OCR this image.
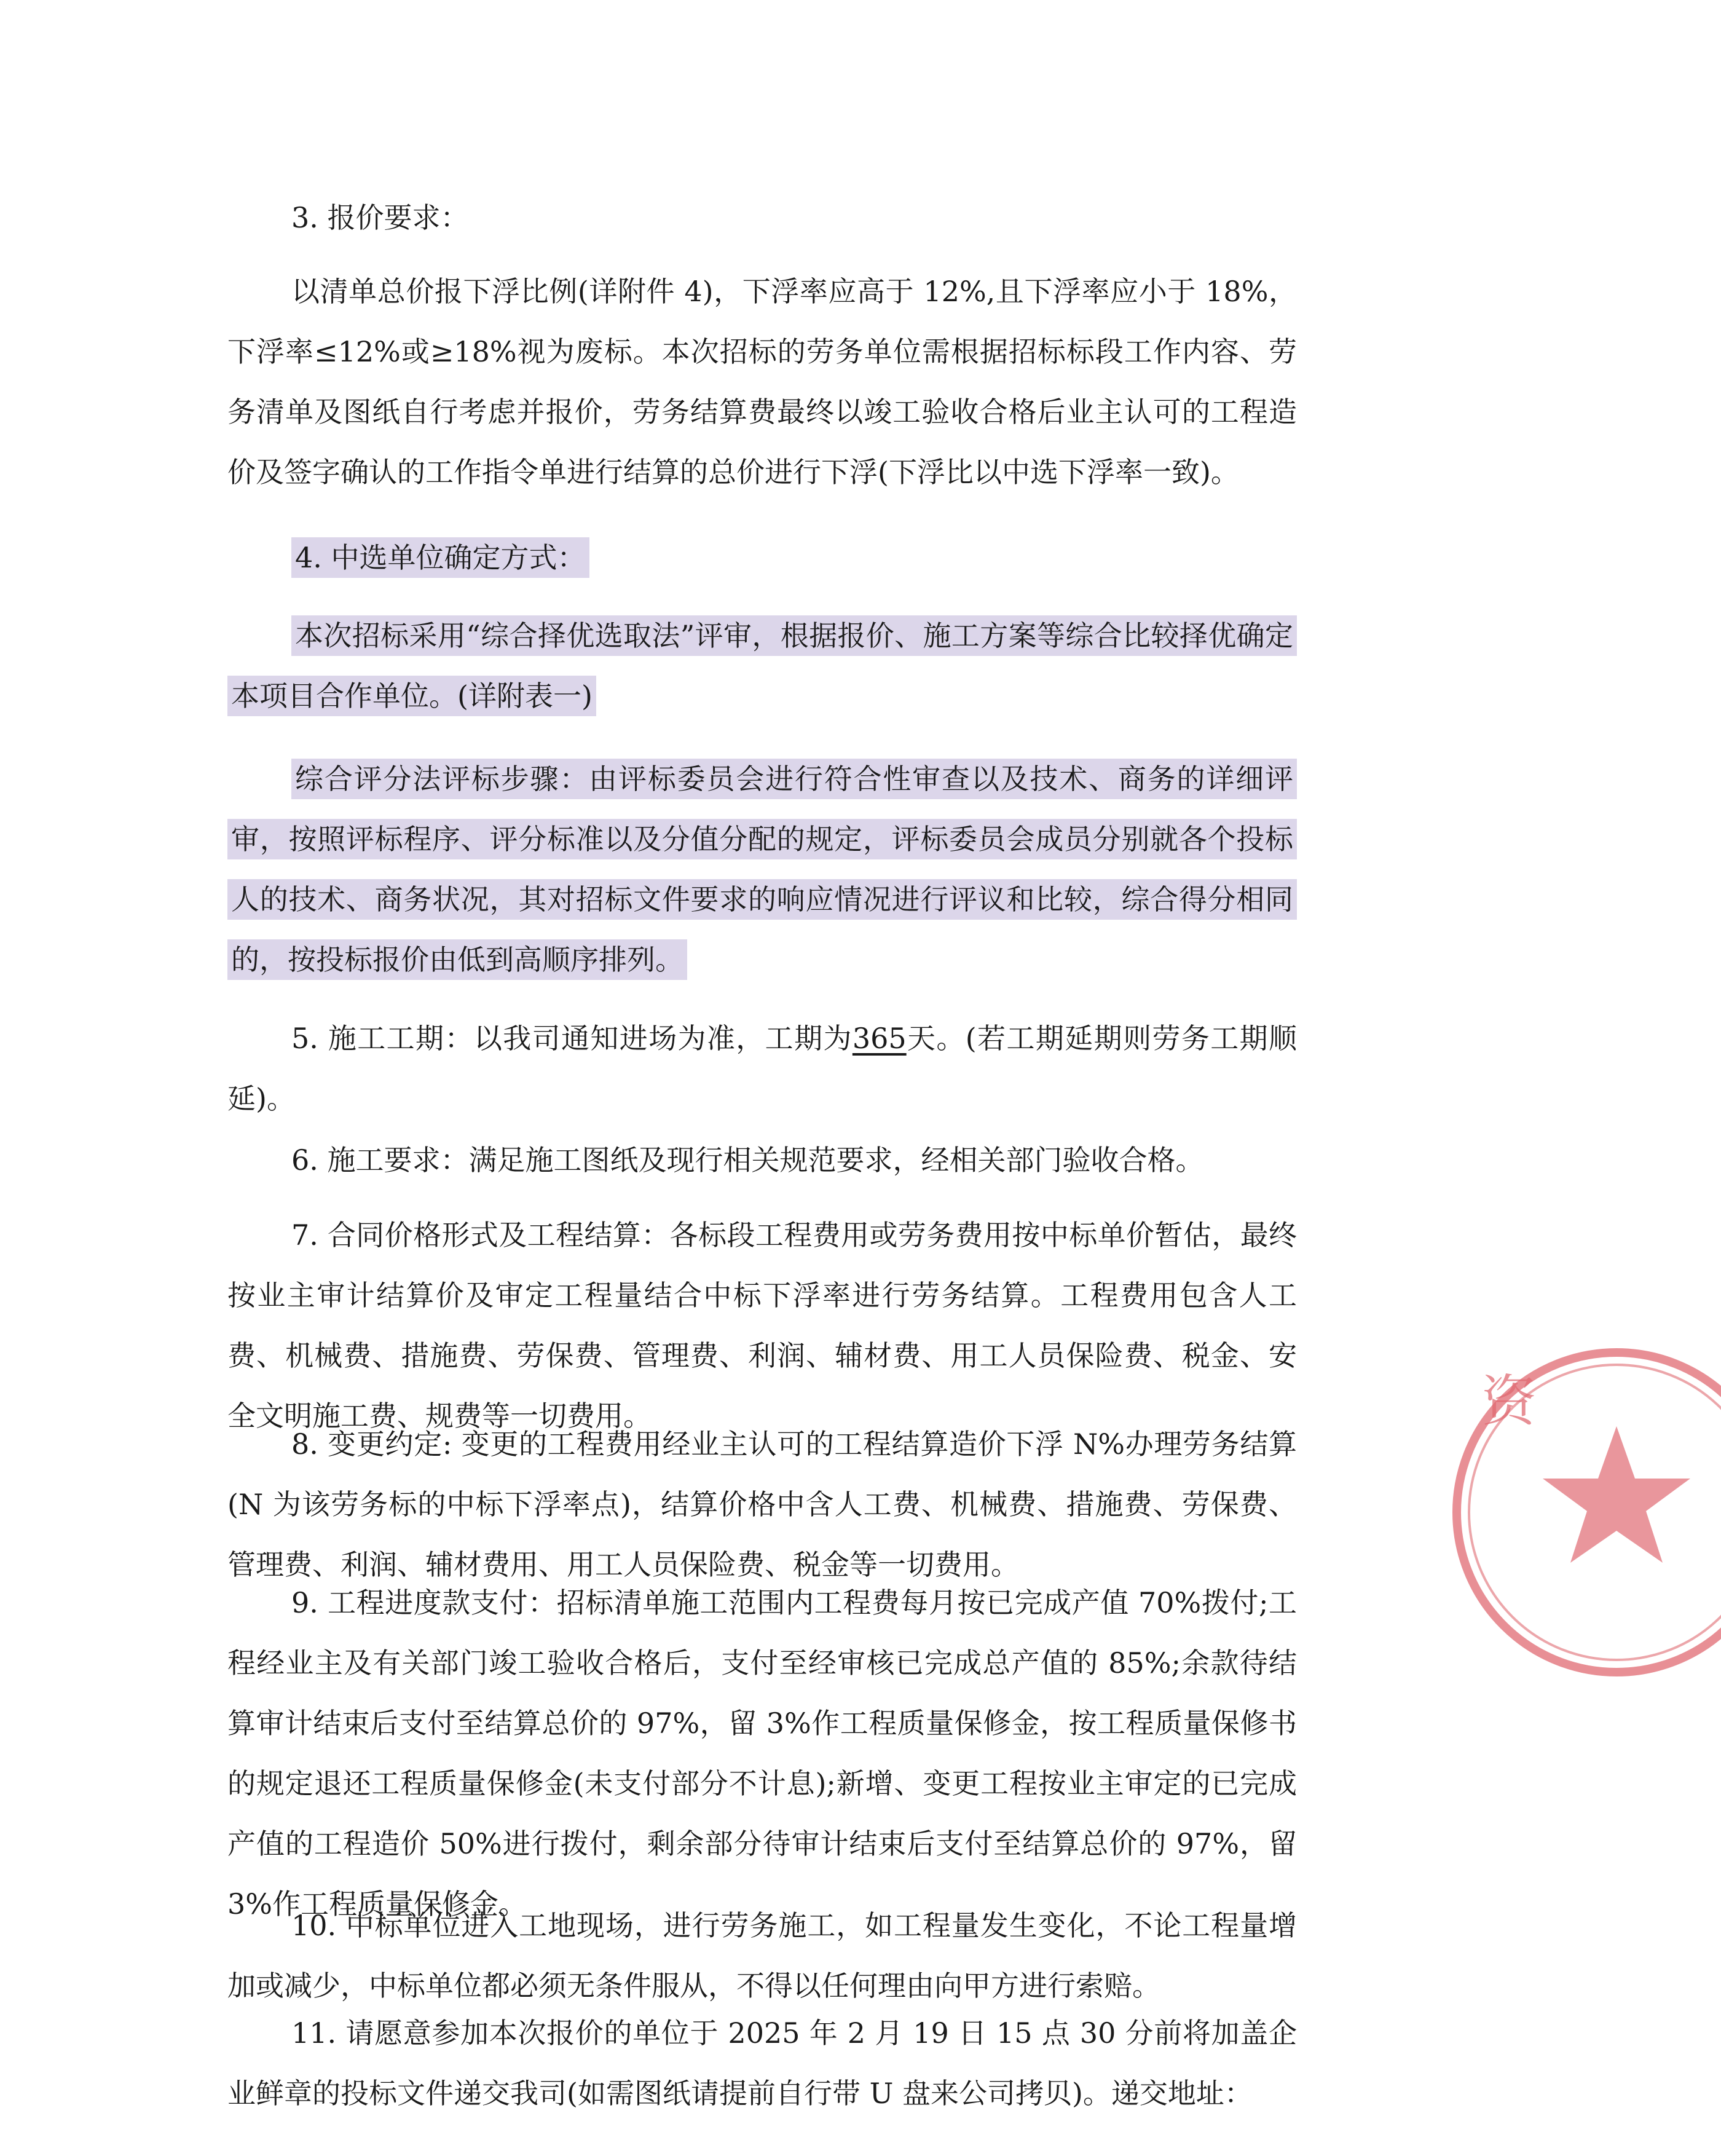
3. 报价要求：

以清单总价报下浮比例(详附件 4)，下浮率应高于 12%,且下浮率应小于 18%，下浮率≤12%或≥18%视为废标。本次招标的劳务单位需根据招标标段工作内容、劳务清单及图纸自行考虑并报价，劳务结算费最终以竣工验收合格后业主认可的工程造价及签字确认的工作指令单进行结算的总价进行下浮(下浮比以中选下浮率一致)。

4. 中选单位确定方式：

本次招标采用“综合择优选取法”评审，根据报价、施工方案等综合比较择优确定本项目合作单位。(详附表一)

综合评分法评标步骤：由评标委员会进行符合性审查以及技术、商务的详细评审，按照评标程序、评分标准以及分值分配的规定，评标委员会成员分别就各个投标人的技术、商务状况，其对招标文件要求的响应情况进行评议和比较，综合得分相同的，按投标报价由低到高顺序排列。

5. 施工工期：以我司通知进场为准，工期为365天。(若工期延期则劳务工期顺延)。

6. 施工要求：满足施工图纸及现行相关规范要求，经相关部门验收合格。

7. 合同价格形式及工程结算：各标段工程费用或劳务费用按中标单价暂估，最终按业主审计结算价及审定工程量结合中标下浮率进行劳务结算。工程费用包含人工费、机械费、措施费、劳保费、管理费、利润、辅材费、用工人员保险费、税金、安全文明施工费、规费等一切费用。

8. 变更约定: 变更的工程费用经业主认可的工程结算造价下浮 N%办理劳务结算 (N 为该劳务标的中标下浮率点)，结算价格中含人工费、机械费、措施费、劳保费、管理费、利润、辅材费用、用工人员保险费、税金等一切费用。

9. 工程进度款支付：招标清单施工范围内工程费每月按已完成产值 70%拨付;工程经业主及有关部门竣工验收合格后，支付至经审核已完成总产值的 85%;余款待结算审计结束后支付至结算总价的 97%，留 3%作工程质量保修金，按工程质量保修书的规定退还工程质量保修金(未支付部分不计息);新增、变更工程按业主审定的已完成产值的工程造价 50%进行拨付，剩余部分待审计结束后支付至结算总价的 97%，留 3%作工程质量保修金。

10. 中标单位进入工地现场，进行劳务施工，如工程量发生变化，不论工程量增加或减少，中标单位都必须无条件服从，不得以任何理由向甲方进行索赔。

11. 请愿意参加本次报价的单位于 2025 年 2 月 19 日 15 点 30 分前将加盖企业鲜章的投标文件递交我司(如需图纸请提前自行带 U 盘来公司拷贝)。递交地址：

资
